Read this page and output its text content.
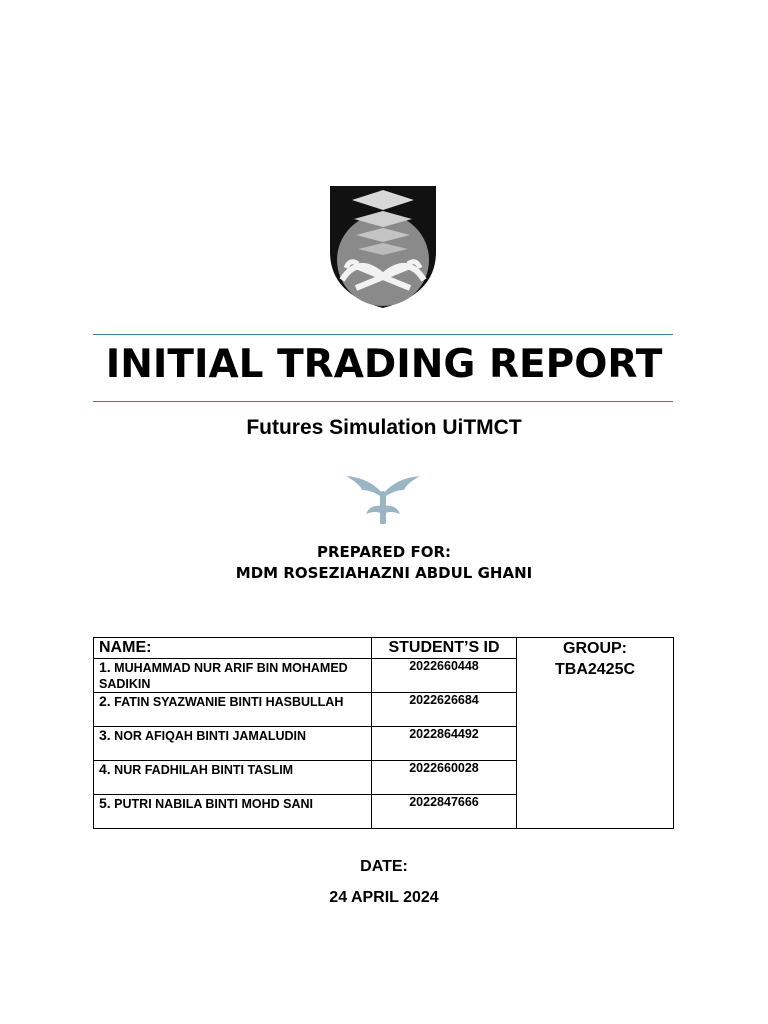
INITIAL TRADING REPORT
Futures Simulation UiTMCT
PREPARED FOR:
MDM ROSEZIAHAZNI ABDUL GHANI
NAME:	STUDENT’S ID	GROUP:
TBA2425C

1. MUHAMMAD NUR ARIF BIN MOHAMED SADIKIN	2022660448	
2. FATIN SYAZWANIE BINTI HASBULLAH	2022626684	
3. NOR AFIQAH BINTI JAMALUDIN	2022864492	
4. NUR FADHILAH BINTI TASLIM	2022660028	
5. PUTRI NABILA BINTI MOHD SANI	2022847666	
DATE:
24 APRIL 2024
